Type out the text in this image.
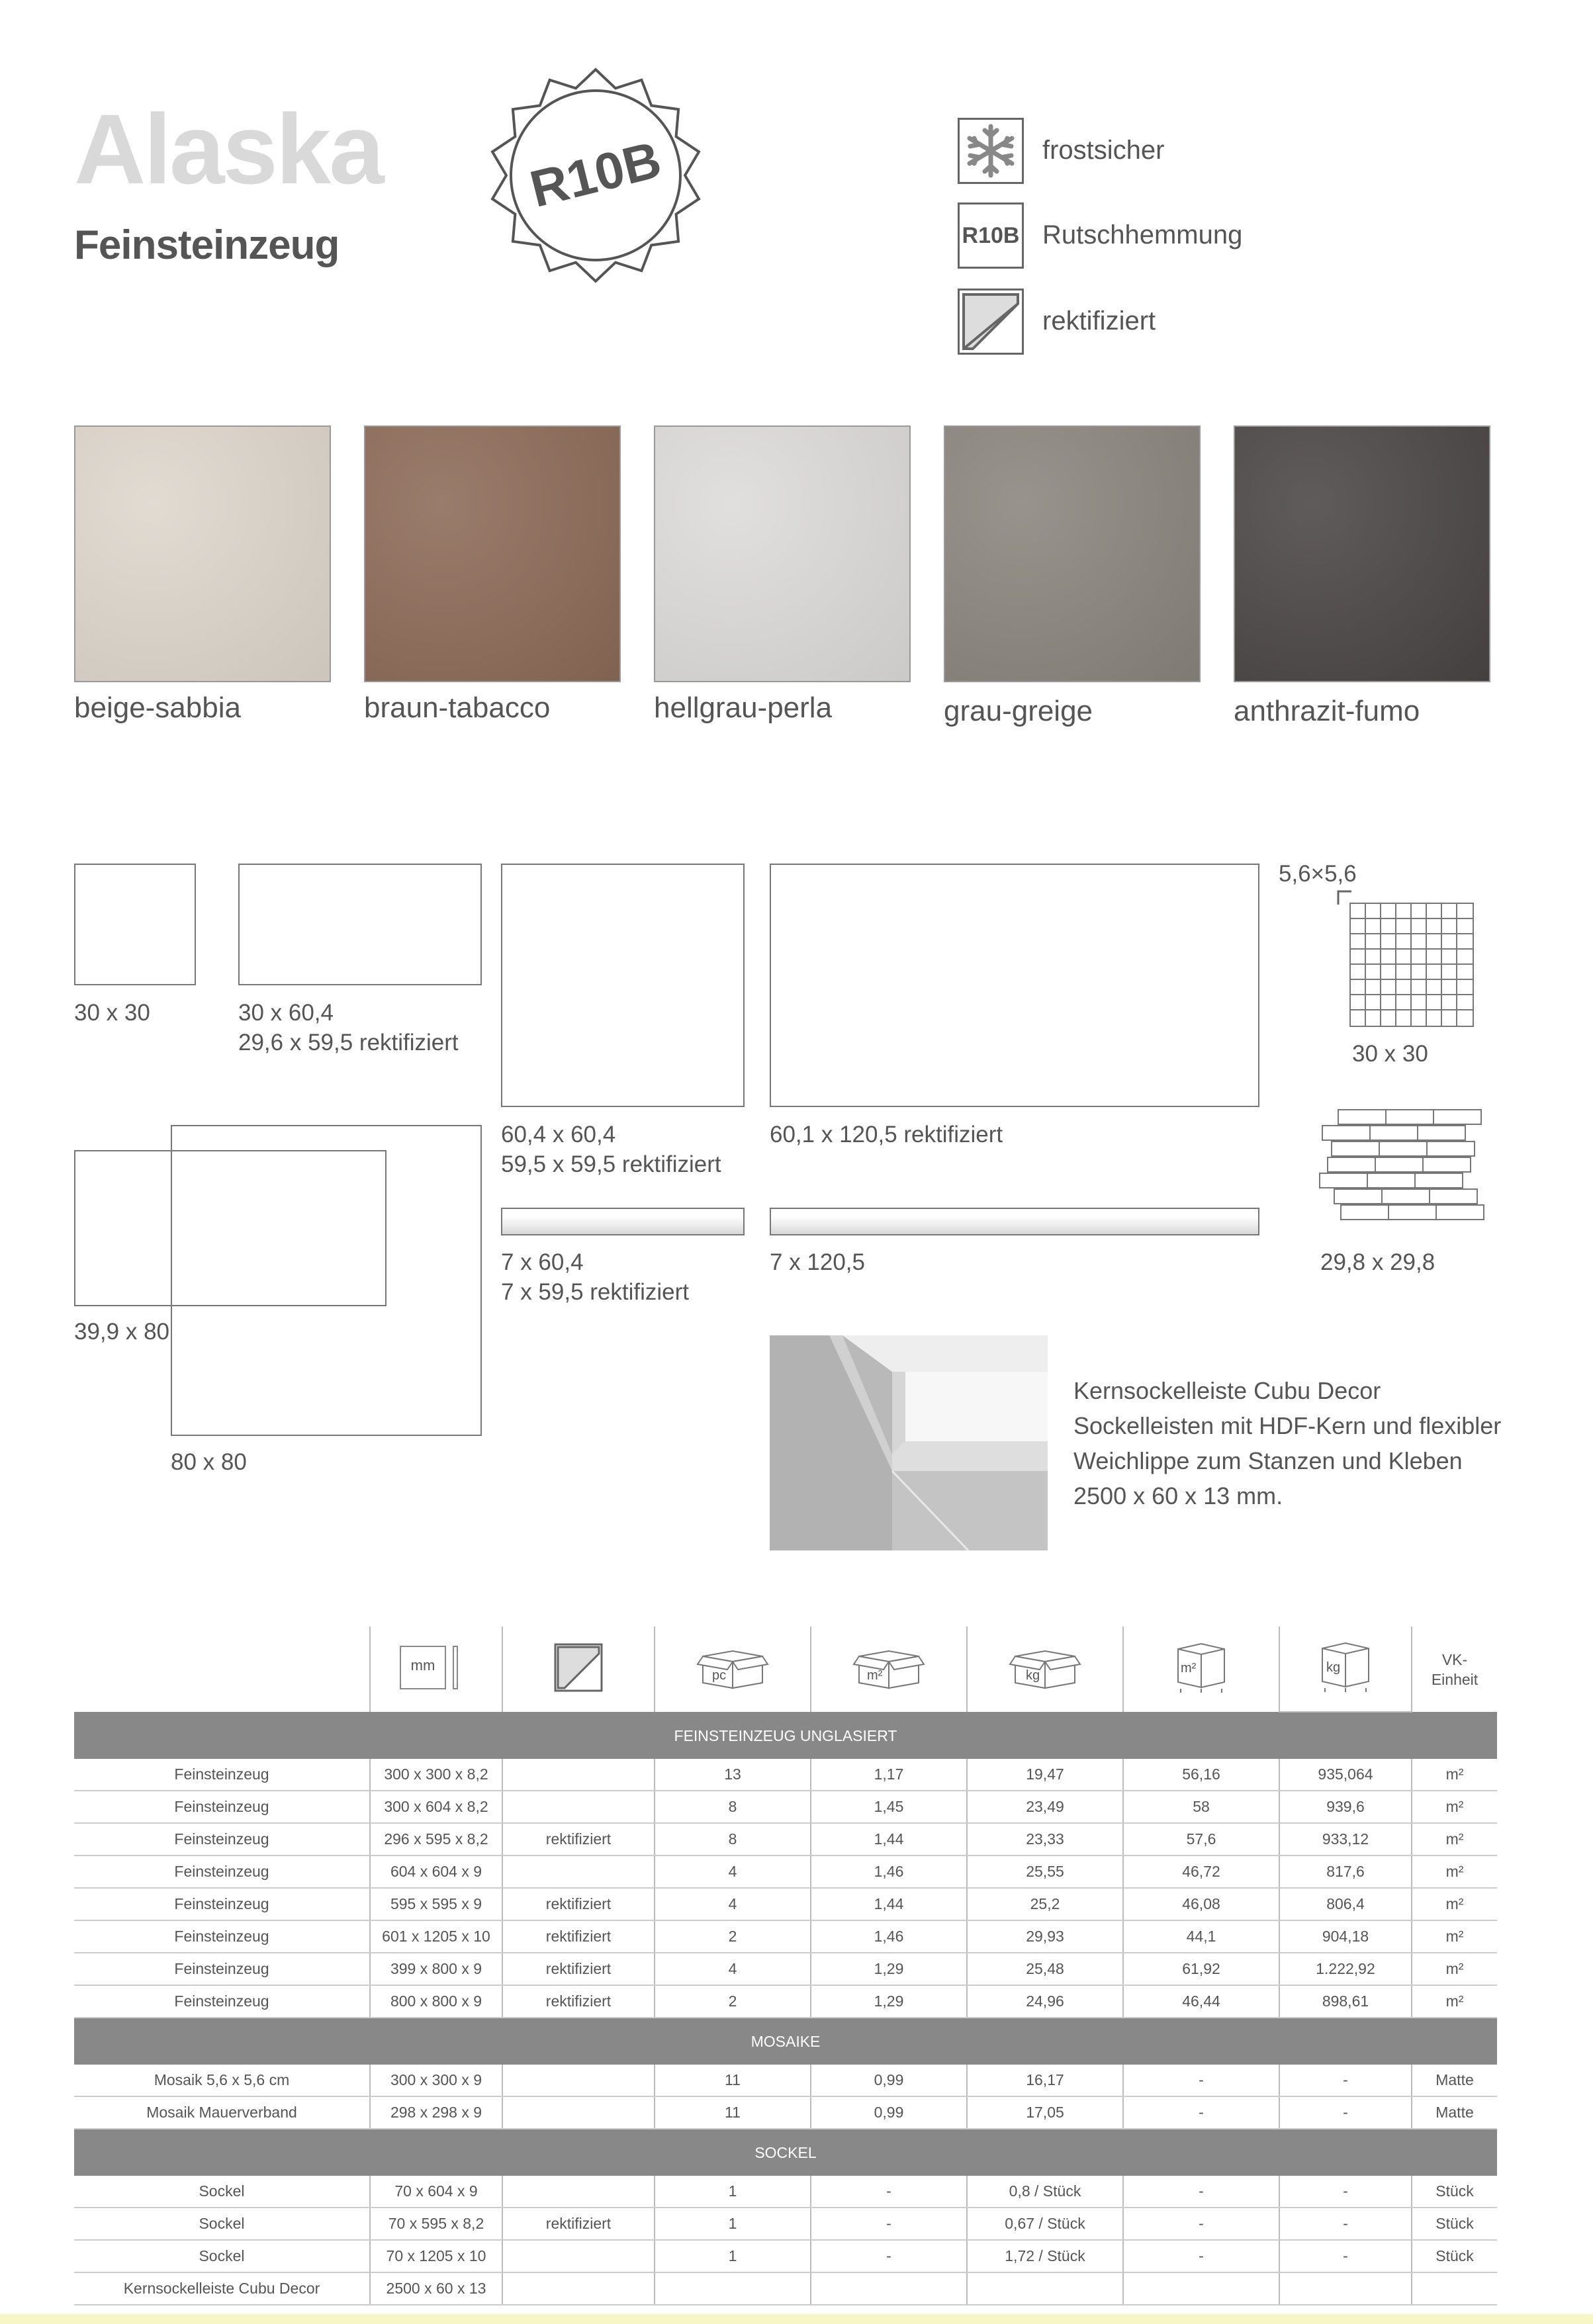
Alaska
Feinsteinzeug
R10B	frostsicher
R10B Rutschhemmung
rektifiziert
beige-sabbia	braun-tabacco	hellgrau-perla	grau-greige	anthrazit-fumo
30 x 30	30 x 60,4
29,6 x 59,5 rektifiziert
60,4 x 60,4
59,5 x 59,5 rektifiziert
60,1 x 120,5 rektifiziert
5,6×5,6
30 x 30
39,9 x 80
80 x 80
7 x 60,4
7 x 59,5 rektifiziert
7 x 120,5	29,8 x 29,8
Kernsockelleiste Cubu Decor
Sockelleisten mit HDF-Kern und flexibler
Weichlippe zum Stanzen und Kleben
2500 x 60 x 13 mm.

	mm		pc	m²	kg	m²	kg	VK-
Einheit
FEINSTEINZEUG UNGLASIERT								
Feinsteinzeug	300 x 300 x 8,2		13	1,17	19,47	56,16	935,064	m²
Feinsteinzeug	300 x 604 x 8,2		8	1,45	23,49	58	939,6	m²
Feinsteinzeug	296 x 595 x 8,2	rektifiziert	8	1,44	23,33	57,6	933,12	m²
Feinsteinzeug	604 x 604 x 9		4	1,46	25,55	46,72	817,6	m²
Feinsteinzeug	595 x 595 x 9	rektifiziert	4	1,44	25,2	46,08	806,4	m²
Feinsteinzeug	601 x 1205 x 10	rektifiziert	2	1,46	29,93	44,1	904,18	m²
Feinsteinzeug	399 x 800 x 9	rektifiziert	4	1,29	25,48	61,92	1.222,92	m²
Feinsteinzeug	800 x 800 x 9	rektifiziert	2	1,29	24,96	46,44	898,61	m²
MOSAIKE								
Mosaik 5,6 x 5,6 cm	300 x 300 x 9		11	0,99	16,17	-	-	Matte
Mosaik Mauerverband	298 x 298 x 9		11	0,99	17,05	-	-	Matte
SOCKEL								
Sockel	70 x 604 x 9		1	-	0,8 / Stück	-	-	Stück
Sockel	70 x 595 x 8,2	rektifiziert	1	-	0,67 / Stück	-	-	Stück
Sockel	70 x 1205 x 10		1	-	1,72 / Stück	-	-	Stück
Kernsockelleiste Cubu Decor	2500 x 60 x 13							
